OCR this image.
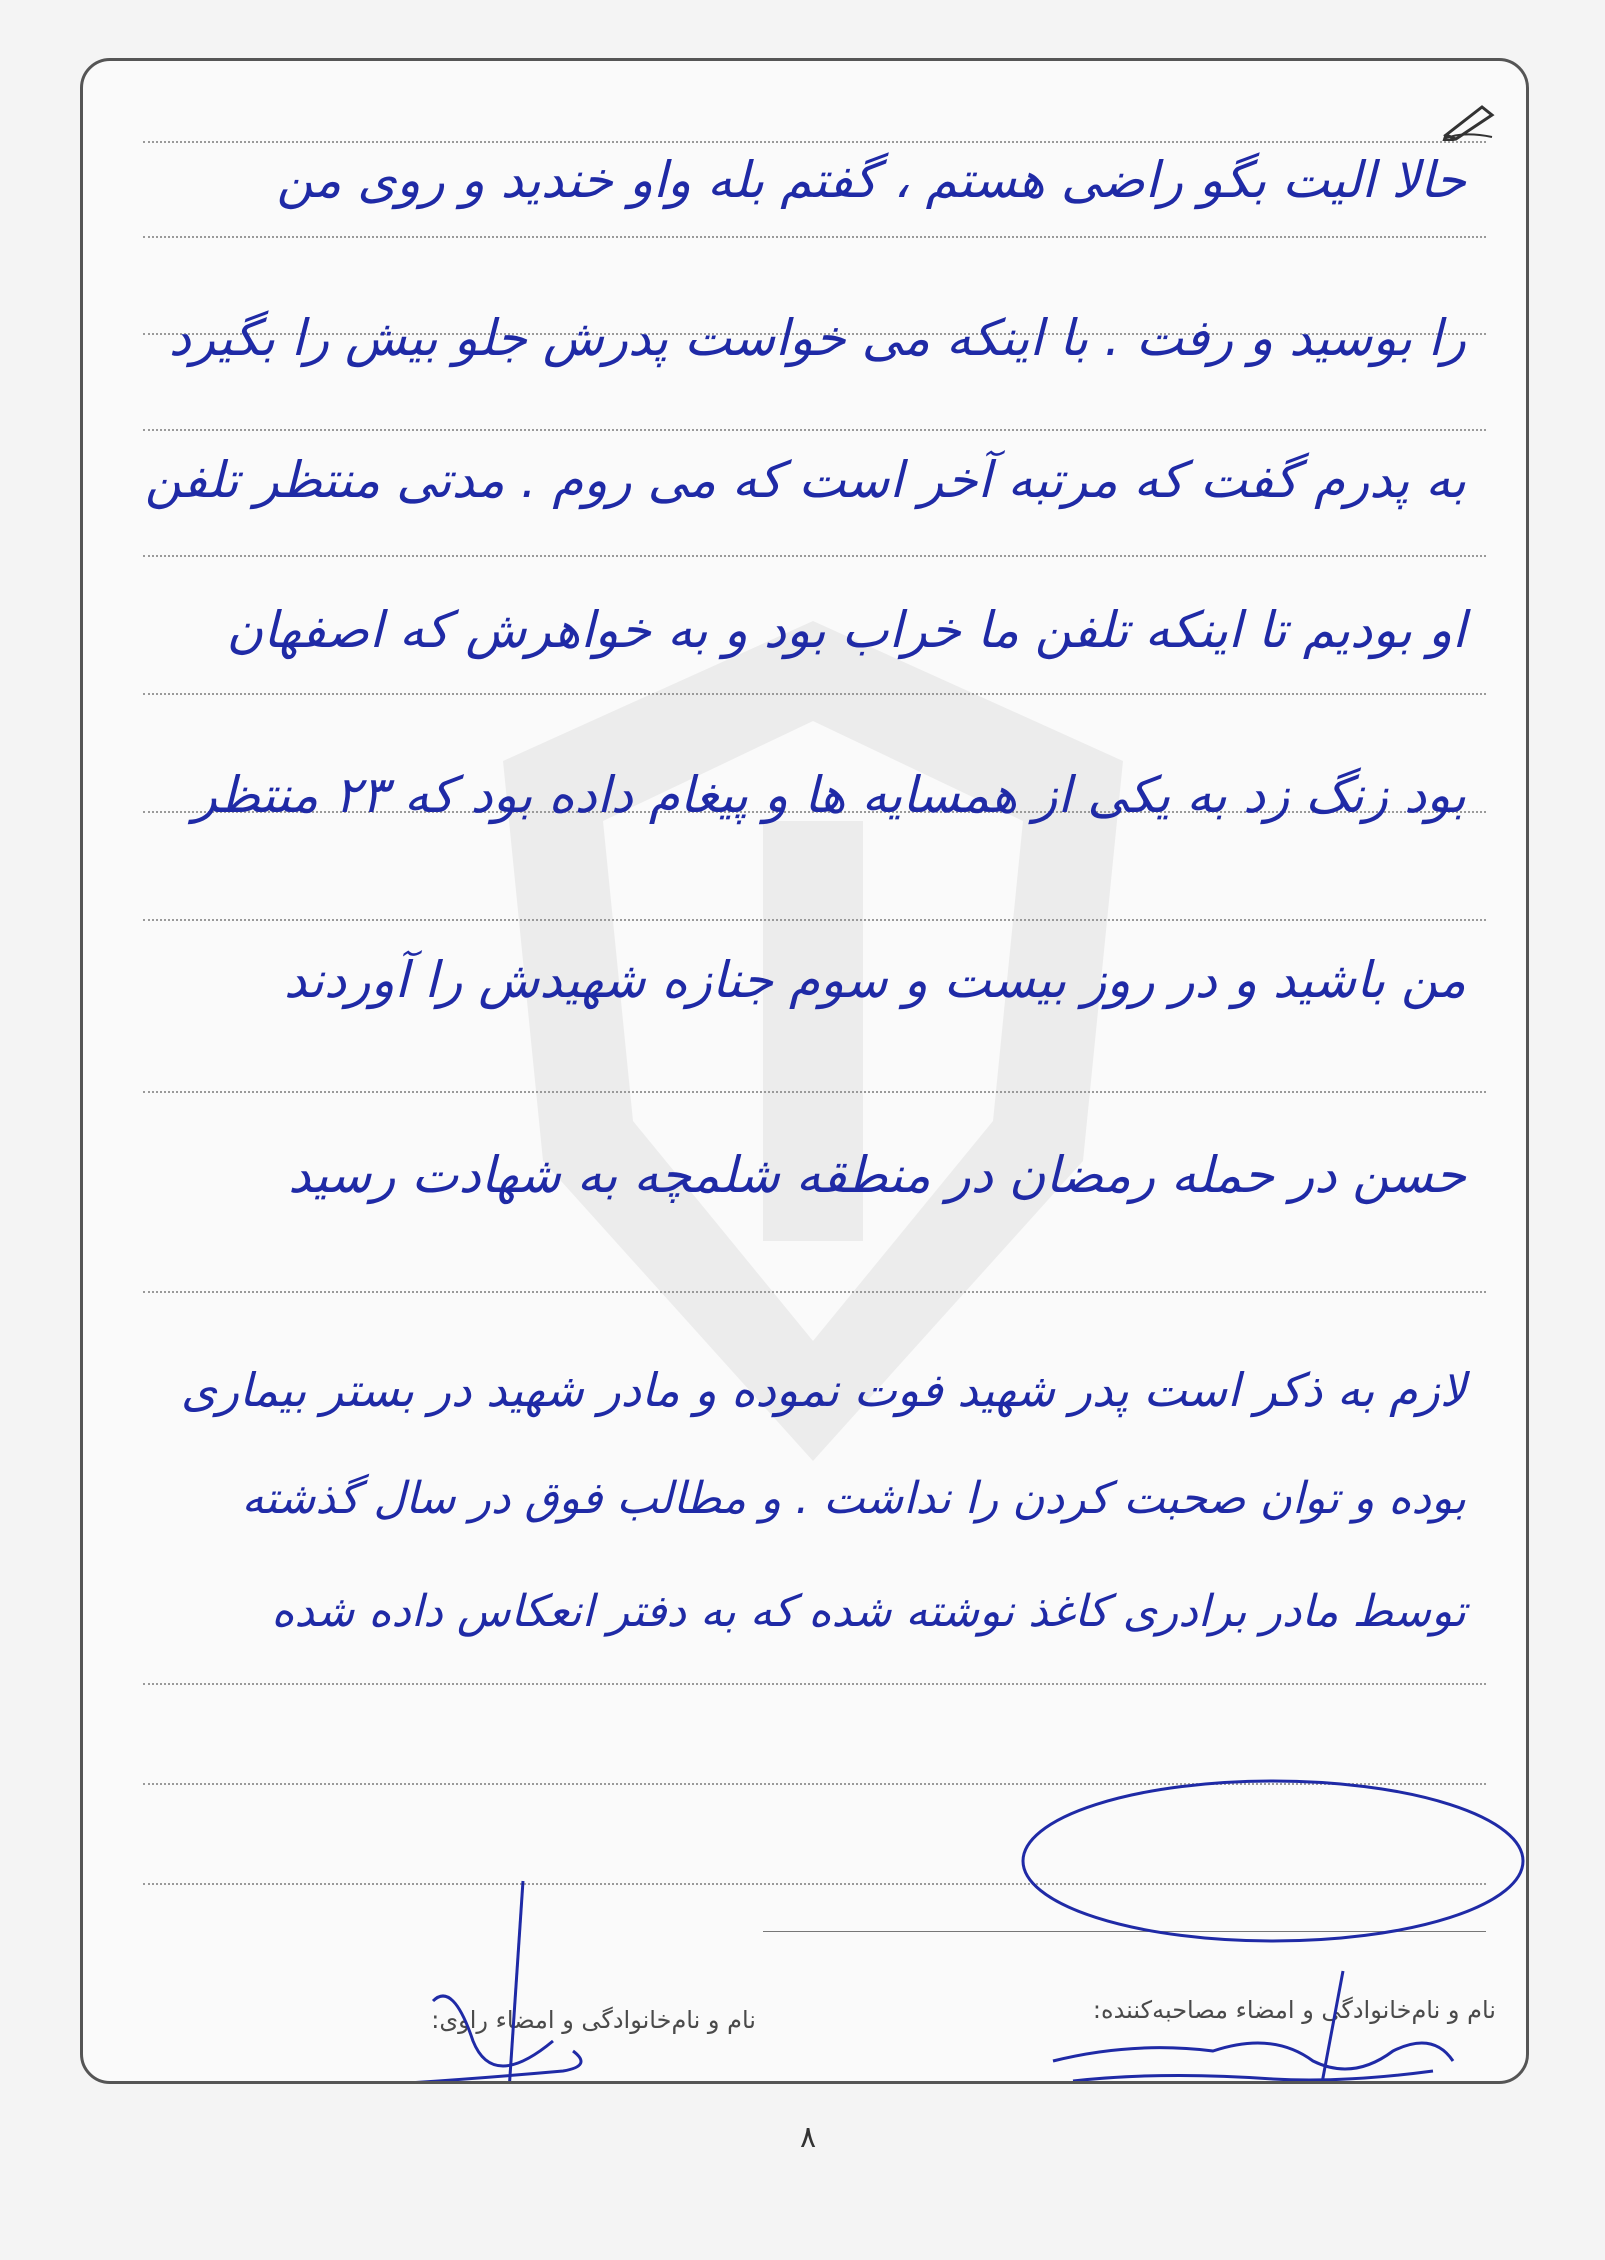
حالا الیت بگو راضی هستم ، گفتم بله واو خندید و روی من
را بوسید و رفت . با اینکه می خواست پدرش جلو بیش را بگیرد
به پدرم گفت که مرتبه آخر است که می روم . مدتی منتظر تلفن
او بودیم تا اینکه تلفن ما خراب بود و به خواهرش که اصفهان
بود زنگ زد به یکی از همسایه ها و پیغام داده بود که ۲۳ منتظر
من باشید و در روز بیست و سوم جنازه شهیدش را آوردند
حسن در حمله رمضان در منطقه شلمچه به شهادت رسید
لازم به ذکر است پدر شهید فوت نموده و مادر شهید در بستر بیماری
بوده و توان صحبت کردن را نداشت . و مطالب فوق در سال گذشته
توسط مادر برادری کاغذ نوشته شده که به دفتر انعکاس داده شده
نام و نام‌خانوادگی و امضاء مصاحبه‌کننده:
نام و نام‌خانوادگی و امضاء راوی:
۸
